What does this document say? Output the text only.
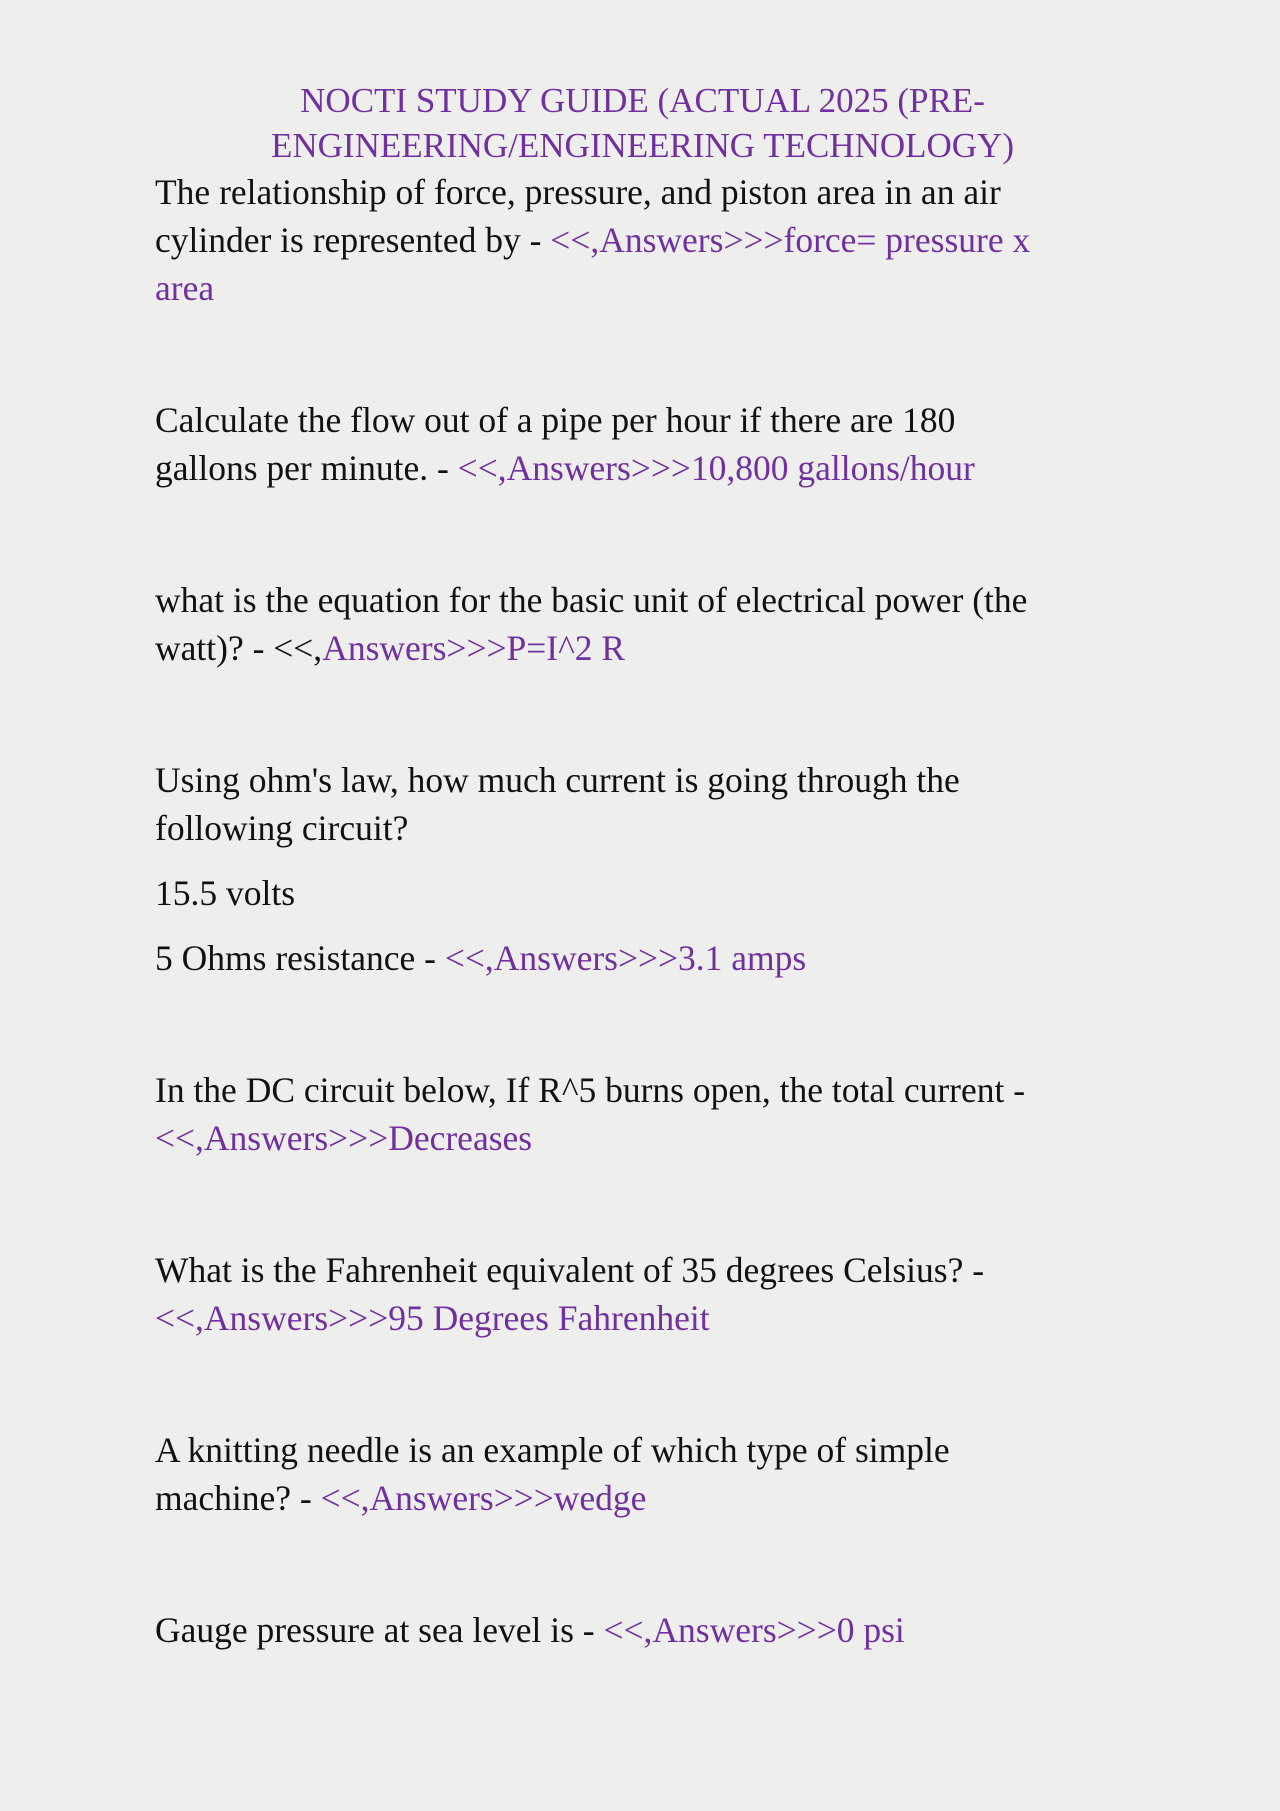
NOCTI STUDY GUIDE (ACTUAL 2025 (PRE-
ENGINEERING/ENGINEERING TECHNOLOGY)

The relationship of force, pressure, and piston area in an air
cylinder is represented by - <<,Answers>>>force= pressure x
area

Calculate the flow out of a pipe per hour if there are 180
gallons per minute. - <<,Answers>>>10,800 gallons/hour

what is the equation for the basic unit of electrical power (the
watt)? - <<,Answers>>>P=I^2 R

Using ohm's law, how much current is going through the
following circuit?
15.5 volts
5 Ohms resistance - <<,Answers>>>3.1 amps

In the DC circuit below, If R^5 burns open, the total current -
<<,Answers>>>Decreases

What is the Fahrenheit equivalent of 35 degrees Celsius? -
<<,Answers>>>95 Degrees Fahrenheit

A knitting needle is an example of which type of simple
machine? - <<,Answers>>>wedge

Gauge pressure at sea level is - <<,Answers>>>0 psi
